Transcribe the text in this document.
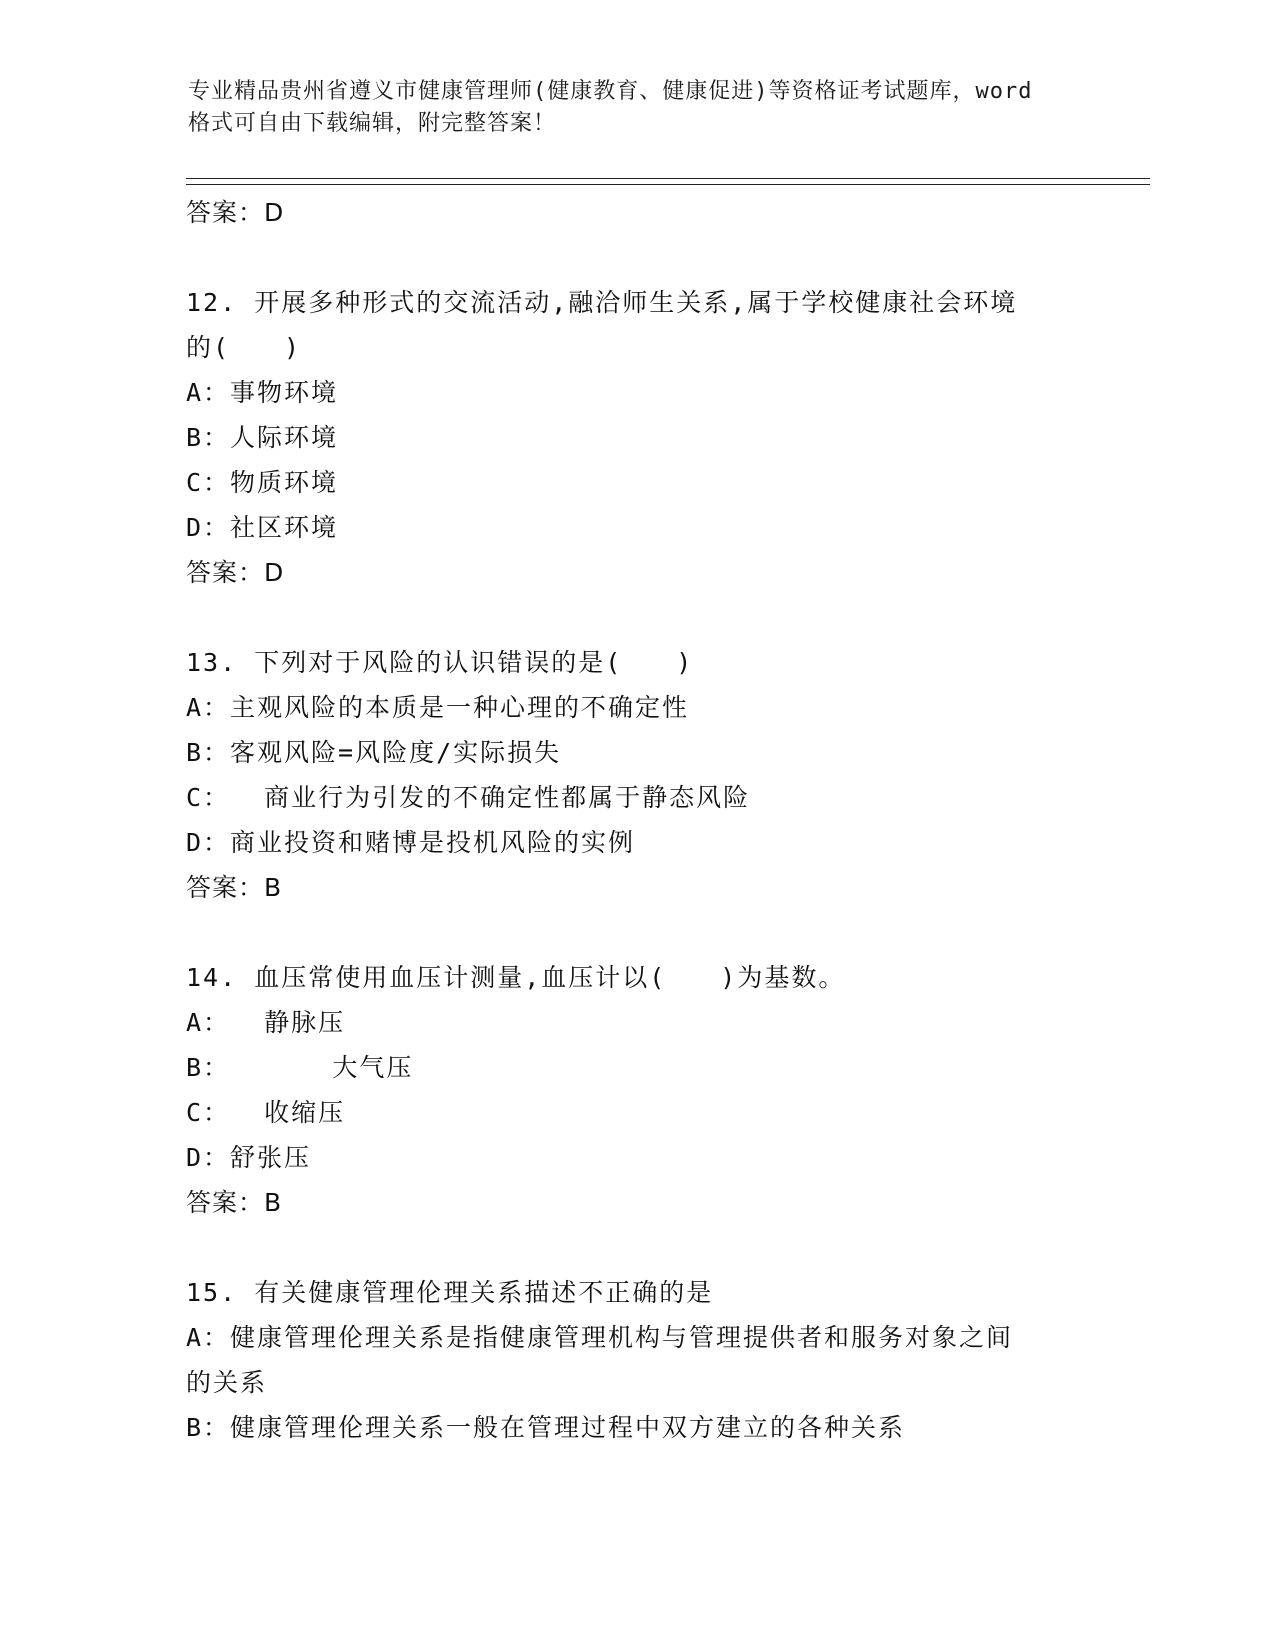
专业精品贵州省遵义市健康管理师(健康教育、健康促进)等资格证考试题库，word
格式可自由下载编辑，附完整答案！
答案：D
12. 开展多种形式的交流活动,融洽师生关系,属于学校健康社会环境
的(　　)
A：事物环境
B：人际环境
C：物质环境
D：社区环境
答案：D
13. 下列对于风险的认识错误的是(　　)
A：主观风险的本质是一种心理的不确定性
B：客观风险=风险度/实际损失
C：  商业行为引发的不确定性都属于静态风险
D：商业投资和赌博是投机风险的实例
答案：B
14. 血压常使用血压计测量,血压计以(　　)为基数。
A：  静脉压
B：      大气压
C：  收缩压
D：舒张压
答案：B
15. 有关健康管理伦理关系描述不正确的是
A：健康管理伦理关系是指健康管理机构与管理提供者和服务对象之间
的关系
B：健康管理伦理关系一般在管理过程中双方建立的各种关系
